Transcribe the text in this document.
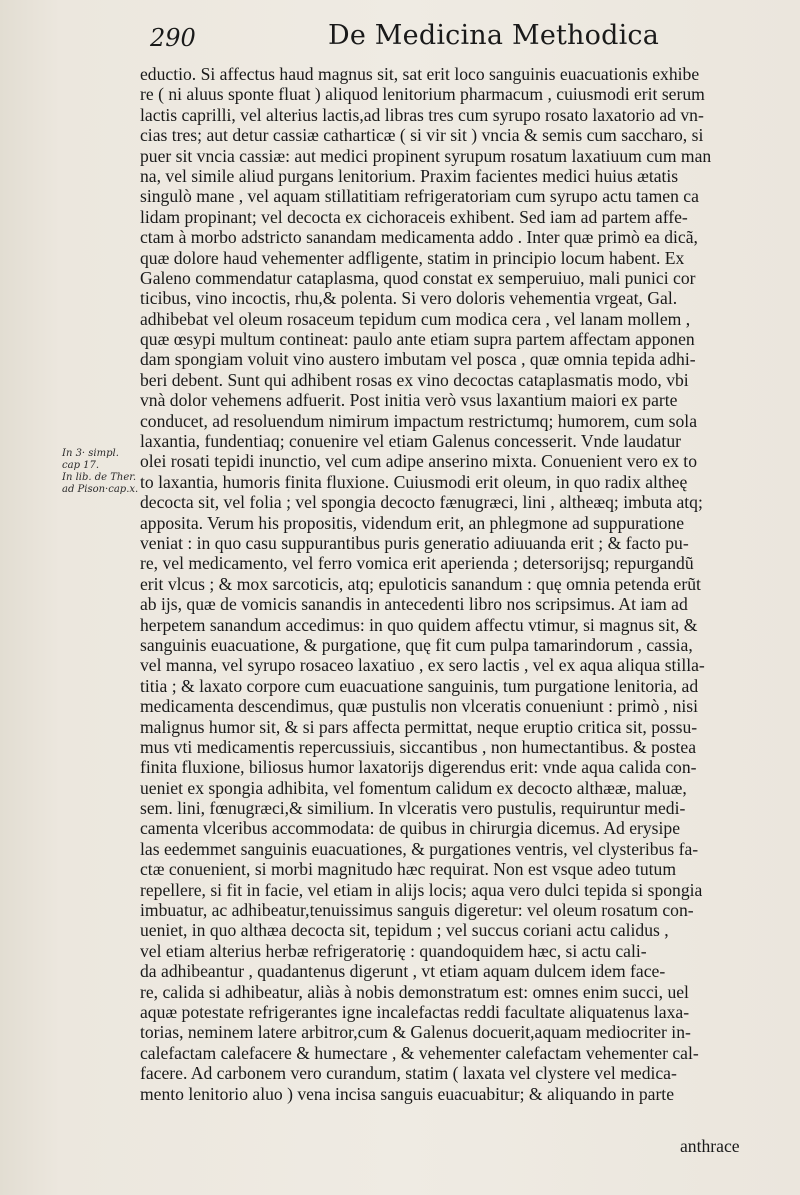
290	De Medicina Methodica
In 3· simpl.
cap 17.
In lib. de Ther.
ad Pison·cap.x.
eductio. Si affectus haud magnus sit, sat erit loco sanguinis euacuationis exhibe
re ( ni aluus sponte fluat ) aliquod lenitorium pharmacum , cuiusmodi erit serum
lactis caprilli, vel alterius lactis,ad libras tres cum syrupo rosato laxatorio ad vn-
cias tres; aut detur cassiæ catharticæ ( si vir sit ) vncia & semis cum saccharo, si
puer sit vncia cassiæ: aut medici propinent syrupum rosatum laxatiuum cum man
na, vel simile aliud purgans lenitorium. Praxim facientes medici huius ætatis
singulò mane , vel aquam stillatitiam refrigeratoriam cum syrupo actu tamen ca
lidam propinant; vel decocta ex cichoraceis exhibent. Sed iam ad partem affe-
ctam à morbo adstricto sanandam medicamenta addo . Inter quæ primò ea dicã,
quæ dolore haud vehementer adfligente, statim in principio locum habent. Ex
Galeno commendatur cataplasma, quod constat ex semperuiuo, mali punici cor
ticibus, vino incoctis, rhu,& polenta. Si vero doloris vehementia vrgeat, Gal.
adhibebat vel oleum rosaceum tepidum cum modica cera , vel lanam mollem ,
quæ œsypi multum contineat: paulo ante etiam supra partem affectam apponen
dam spongiam voluit vino austero imbutam vel posca , quæ omnia tepida adhi-
beri debent. Sunt qui adhibent rosas ex vino decoctas cataplasmatis modo, vbi
vnà dolor vehemens adfuerit. Post initia verò vsus laxantium maiori ex parte
conducet, ad resoluendum nimirum impactum restrictumq; humorem, cum sola
laxantia, fundentiaq; conuenire vel etiam Galenus concesserit. Vnde laudatur
olei rosati tepidi inunctio, vel cum adipe anserino mixta. Conuenient vero ex to
to laxantia, humoris finita fluxione. Cuiusmodi erit oleum, in quo radix altheę
decocta sit, vel folia ; vel spongia decocto fænugræci, lini , altheæq; imbuta atq;
apposita. Verum his propositis, videndum erit, an phlegmone ad suppuratione
veniat : in quo casu suppurantibus puris generatio adiuuanda erit ; & facto pu-
re, vel medicamento, vel ferro vomica erit aperienda ; detersorijsq; repurgandũ
erit vlcus ; & mox sarcoticis, atq; epuloticis sanandum : quę omnia petenda erũt
ab ijs, quæ de vomicis sanandis in antecedenti libro nos scripsimus. At iam ad
herpetem sanandum accedimus: in quo quidem affectu vtimur, si magnus sit, &
sanguinis euacuatione, & purgatione, quę fit cum pulpa tamarindorum , cassia,
vel manna, vel syrupo rosaceo laxatiuo , ex sero lactis , vel ex aqua aliqua stilla-
titia ; & laxato corpore cum euacuatione sanguinis, tum purgatione lenitoria, ad
medicamenta descendimus, quæ pustulis non vlceratis conueniunt : primò , nisi
malignus humor sit, & si pars affecta permittat, neque eruptio critica sit, possu-
mus vti medicamentis repercussiuis, siccantibus , non humectantibus. & postea
finita fluxione, biliosus humor laxatorijs digerendus erit: vnde aqua calida con-
ueniet ex spongia adhibita, vel fomentum calidum ex decocto althææ, maluæ,
sem. lini, fœnugræci,& similium. In vlceratis vero pustulis, requiruntur medi-
camenta vlceribus accommodata: de quibus in chirurgia dicemus. Ad erysipe
las eedemmet sanguinis euacuationes, & purgationes ventris, vel clysteribus fa-
ctæ conuenient, si morbi magnitudo hæc requirat. Non est vsque adeo tutum
repellere, si fit in facie, vel etiam in alijs locis; aqua vero dulci tepida si spongia
imbuatur, ac adhibeatur,tenuissimus sanguis digeretur: vel oleum rosatum con-
ueniet, in quo althæa decocta sit, tepidum ; vel succus coriani actu calidus ,
vel etiam alterius herbæ refrigeratorię : quandoquidem hæc, si actu cali-
da adhibeantur , quadantenus digerunt , vt etiam aquam dulcem idem face-
re, calida si adhibeatur, aliàs à nobis demonstratum est: omnes enim succi, uel
aquæ potestate refrigerantes igne incalefactas reddi facultate aliquatenus laxa-
torias, neminem latere arbitror,cum & Galenus docuerit,aquam mediocriter in-
calefactam calefacere & humectare , & vehementer calefactam vehementer cal-
facere. Ad carbonem vero curandum, statim ( laxata vel clystere vel medica-
mento lenitorio aluo ) vena incisa sanguis euacuabitur; & aliquando in parte
anthrace
